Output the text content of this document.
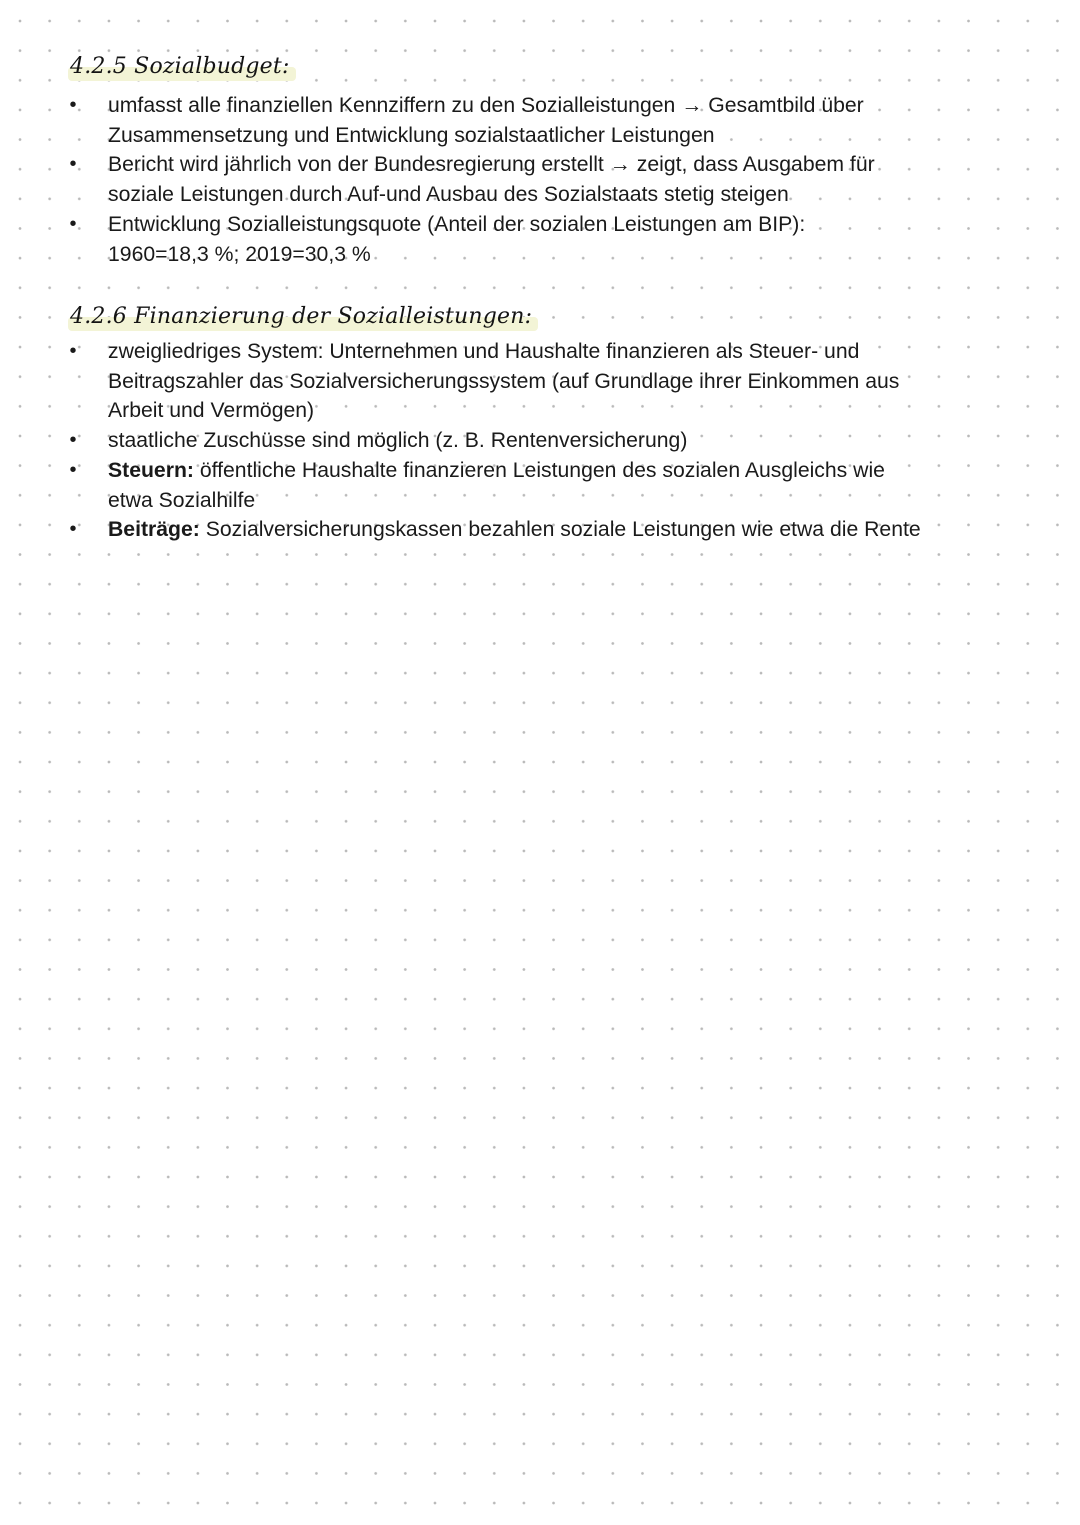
4.2.5 Sozialbudget:
• umfasst alle finanziellen Kennziffern zu den Sozialleistungen → Gesamtbild über
Zusammensetzung und Entwicklung sozialstaatlicher Leistungen
• Bericht wird jährlich von der Bundesregierung erstellt → zeigt, dass Ausgabem für
soziale Leistungen durch Auf-und Ausbau des Sozialstaats stetig steigen
• Entwicklung Sozialleistungsquote (Anteil der sozialen Leistungen am BIP):
1960=18,3 %; 2019=30,3 %
4.2.6 Finanzierung der Sozialleistungen:
• zweigliedriges System: Unternehmen und Haushalte finanzieren als Steuer- und
Beitragszahler das Sozialversicherungssystem (auf Grundlage ihrer Einkommen aus
Arbeit und Vermögen)
• staatliche Zuschüsse sind möglich (z. B. Rentenversicherung)
• Steuern: öffentliche Haushalte finanzieren Leistungen des sozialen Ausgleichs wie
etwa Sozialhilfe
• Beiträge: Sozialversicherungskassen bezahlen soziale Leistungen wie etwa die Rente
